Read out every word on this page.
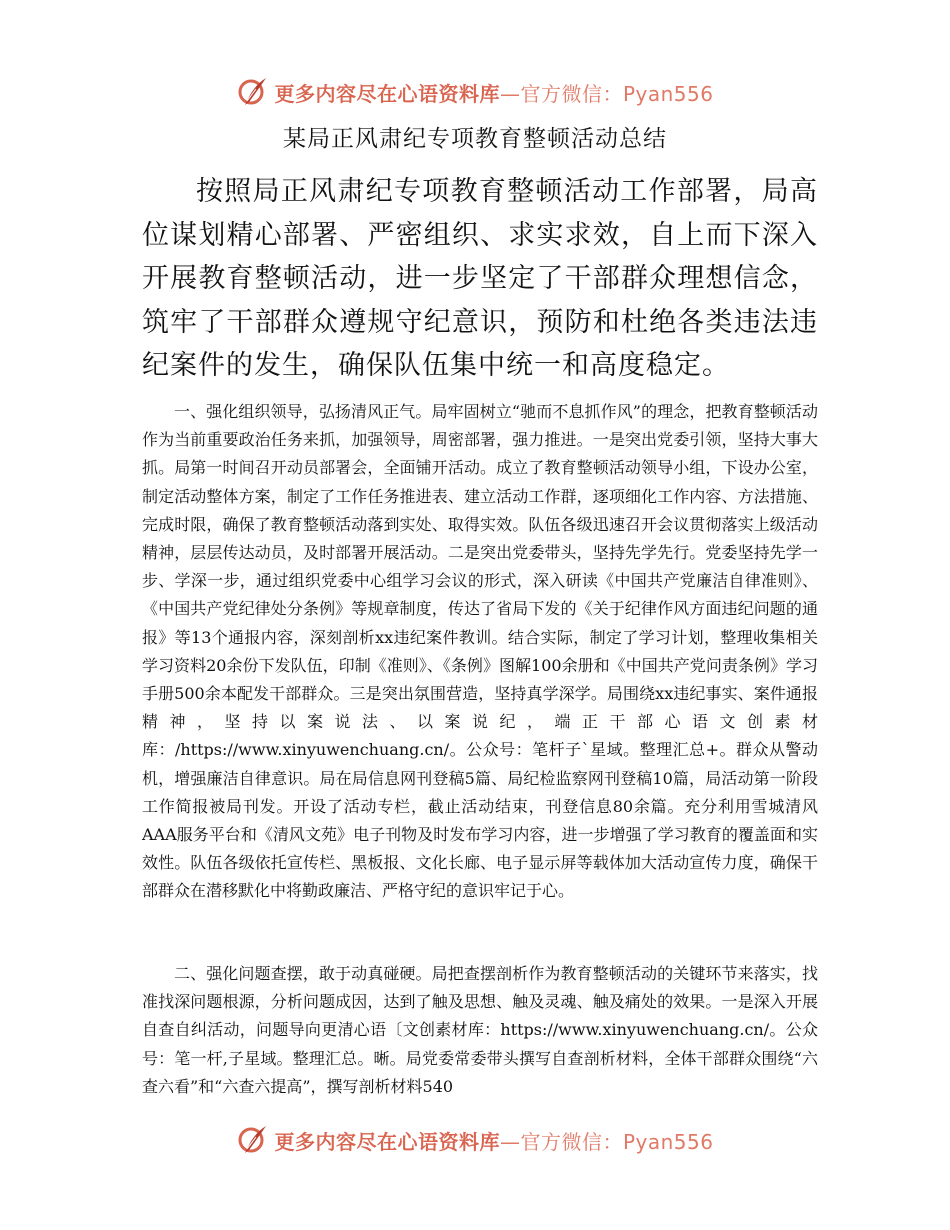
更多内容尽在心语资料库—官方微信：Pyan556
某局正风肃纪专项教育整顿活动总结

按照局正风肃纪专项教育整顿活动工作部署，局高位谋划精心部署、严密组织、求实求效，自上而下深入开展教育整顿活动，进一步坚定了干部群众理想信念，筑牢了干部群众遵规守纪意识，预防和杜绝各类违法违纪案件的发生，确保队伍集中统一和高度稳定。

一、强化组织领导，弘扬清风正气。局牢固树立“驰而不息抓作风”的理念，把教育整顿活动作为当前重要政治任务来抓，加强领导，周密部署，强力推进。一是突出党委引领，坚持大事大抓。局第一时间召开动员部署会，全面铺开活动。成立了教育整顿活动领导小组，下设办公室，制定活动整体方案，制定了工作任务推进表、建立活动工作群，逐项细化工作内容、方法措施、完成时限，确保了教育整顿活动落到实处、取得实效。队伍各级迅速召开会议贯彻落实上级活动精神，层层传达动员，及时部署开展活动。二是突出党委带头，坚持先学先行。党委坚持先学一步、学深一步，通过组织党委中心组学习会议的形式，深入研读《中国共产党廉洁自律准则》、《中国共产党纪律处分条例》等规章制度，传达了省局下发的《关于纪律作风方面违纪问题的通报》等13个通报内容，深刻剖析xx违纪案件教训。结合实际，制定了学习计划，整理收集相关学习资料20余份下发队伍，印制《准则》、《条例》图解100余册和《中国共产党问责条例》学习手册500余本配发干部群众。三是突出氛围营造，坚持真学深学。局围绕xx违纪事实、案件通报精神，坚持以案说法、以案说纪，端正干部心语文创素材库：/https://www.xinyuwenchuang.cn/。公众号：笔杆子`星域。整理汇总+。群众从警动机，增强廉洁自律意识。局在局信息网刊登稿5篇、局纪检监察网刊登稿10篇，局活动第一阶段工作简报被局刊发。开设了活动专栏，截止活动结束，刊登信息80余篇。充分利用雪城清风AAA服务平台和《清风文苑》电子刊物及时发布学习内容，进一步增强了学习教育的覆盖面和实效性。队伍各级依托宣传栏、黑板报、文化长廊、电子显示屏等载体加大活动宣传力度，确保干部群众在潜移默化中将勤政廉洁、严格守纪的意识牢记于心。

二、强化问题查摆，敢于动真碰硬。局把查摆剖析作为教育整顿活动的关键环节来落实，找准找深问题根源，分析问题成因，达到了触及思想、触及灵魂、触及痛处的效果。一是深入开展自查自纠活动，问题导向更清心语〔文创素材库：https://www.xinyuwenchuang.cn/。公众号：笔一杆,子星域。整理汇总。晰。局党委常委带头撰写自查剖析材料，全体干部群众围绕“六查六看”和“六查六提高”，撰写剖析材料540

更多内容尽在心语资料库—官方微信：Pyan556
